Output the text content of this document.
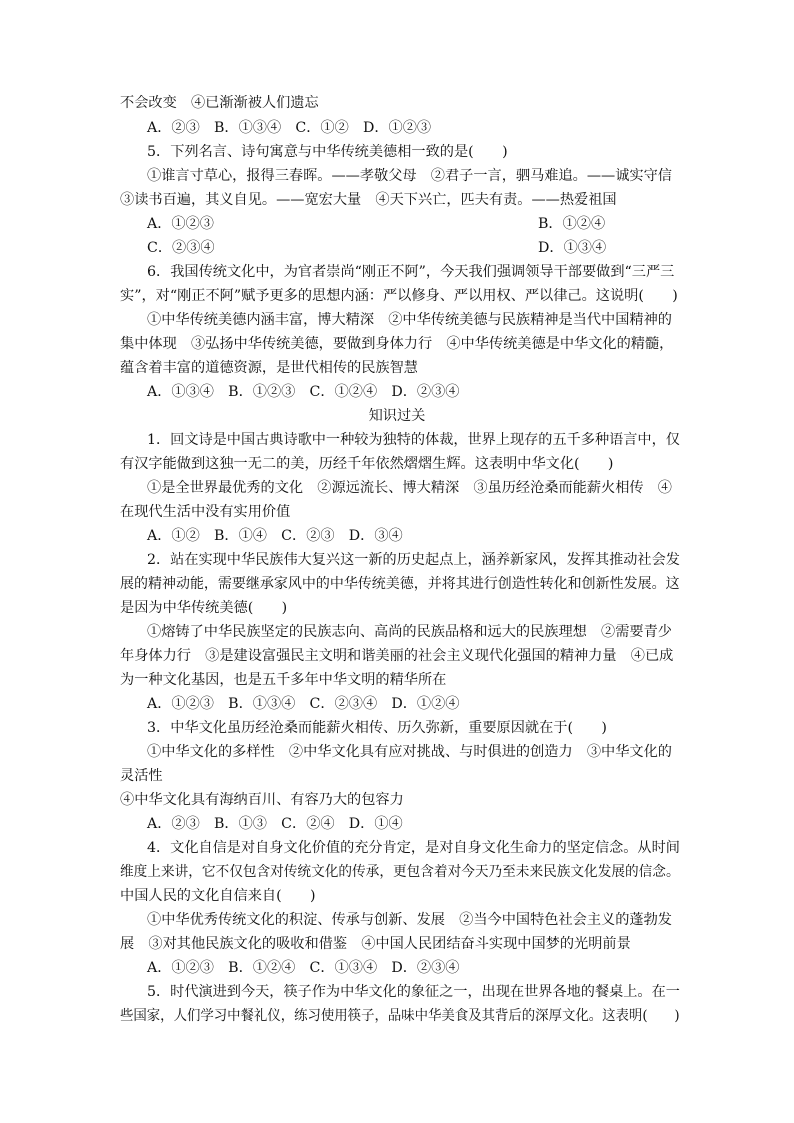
不会改变　④已渐渐被人们遗忘
A．②③　B．①③④　C．①②　D．①②③
5．下列名言、诗句寓意与中华传统美德相一致的是(　　)
①谁言寸草心，报得三春晖。——孝敬父母　②君子一言，驷马难追。——诚实守信
③读书百遍，其义自见。——宽宏大量　④天下兴亡，匹夫有责。——热爱祖国
A．①②③	B．①②④
C．②③④	D．①③④
6．我国传统文化中，为官者崇尚“刚正不阿”，今天我们强调领导干部要做到“三严三
实”，对“刚正不阿”赋予更多的思想内涵：严以修身、严以用权、严以律己。这说明(　　)
①中华传统美德内涵丰富，博大精深　②中华传统美德与民族精神是当代中国精神的
集中体现　③弘扬中华传统美德，要做到身体力行　④中华传统美德是中华文化的精髓，
蕴含着丰富的道德资源，是世代相传的民族智慧
A．①③④　B．①②③　C．①②④　D．②③④
知识过关
1．回文诗是中国古典诗歌中一种较为独特的体裁，世界上现存的五千多种语言中，仅
有汉字能做到这独一无二的美，历经千年依然熠熠生辉。这表明中华文化(　　)
①是全世界最优秀的文化　②源远流长、博大精深　③虽历经沧桑而能薪火相传　④
在现代生活中没有实用价值
A．①②　B．①④　C．②③　D．③④
2．站在实现中华民族伟大复兴这一新的历史起点上，涵养新家风，发挥其推动社会发
展的精神动能，需要继承家风中的中华传统美德，并将其进行创造性转化和创新性发展。这
是因为中华传统美德(　　)
①熔铸了中华民族坚定的民族志向、高尚的民族品格和远大的民族理想　②需要青少
年身体力行　③是建设富强民主文明和谐美丽的社会主义现代化强国的精神力量　④已成
为一种文化基因，也是五千多年中华文明的精华所在
A．①②③　B．①③④　C．②③④　D．①②④
3．中华文化虽历经沧桑而能薪火相传、历久弥新，重要原因就在于(　　)
①中华文化的多样性　②中华文化具有应对挑战、与时俱进的创造力　③中华文化的
灵活性
④中华文化具有海纳百川、有容乃大的包容力
A．②③　B．①③　C．②④　D．①④
4．文化自信是对自身文化价值的充分肯定，是对自身文化生命力的坚定信念。从时间
维度上来讲，它不仅包含对传统文化的传承，更包含着对今天乃至未来民族文化发展的信念。
中国人民的文化自信来自(　　)
①中华优秀传统文化的积淀、传承与创新、发展　②当今中国特色社会主义的蓬勃发
展　③对其他民族文化的吸收和借鉴　④中国人民团结奋斗实现中国梦的光明前景
A．①②③　B．①②④　C．①③④　D．②③④
5．时代演进到今天，筷子作为中华文化的象征之一，出现在世界各地的餐桌上。在一
些国家，人们学习中餐礼仪，练习使用筷子，品味中华美食及其背后的深厚文化。这表明(　　)
